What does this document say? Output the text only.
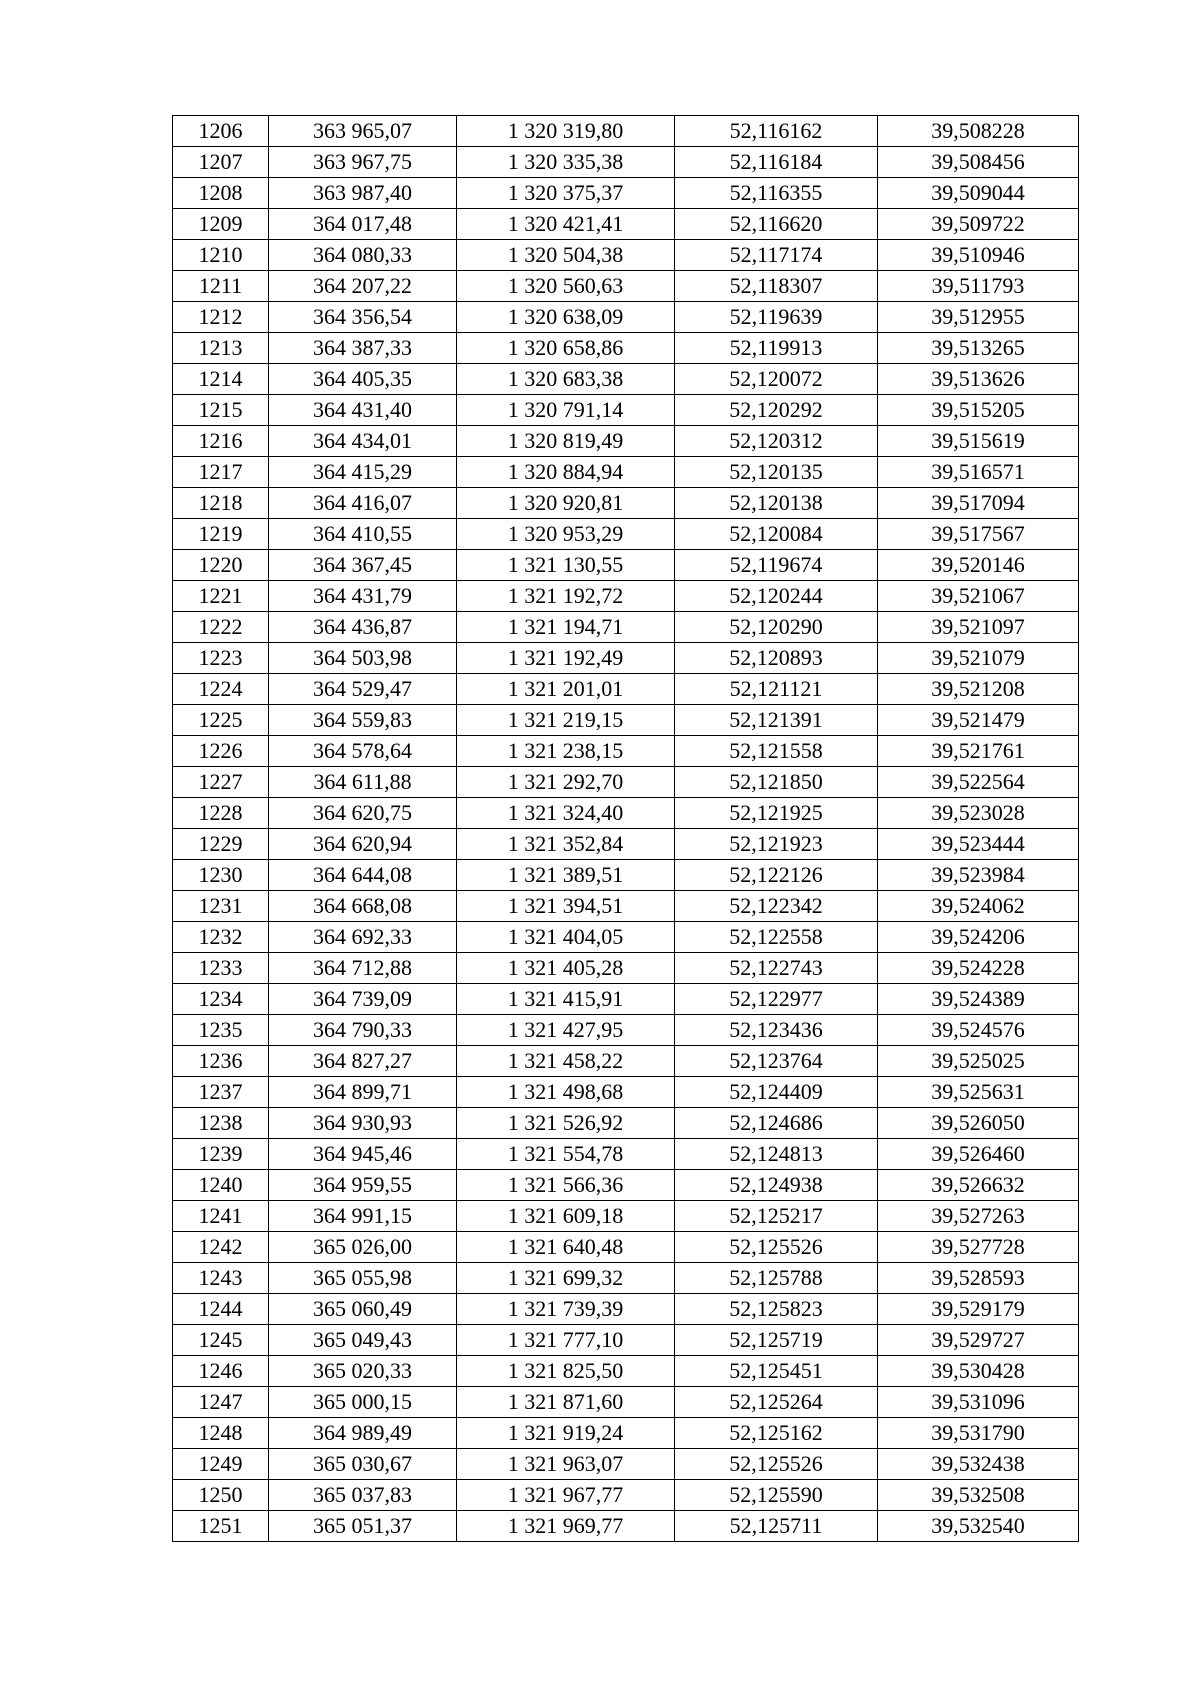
1206	363 965,07	1 320 319,80	52,116162	39,508228
1207	363 967,75	1 320 335,38	52,116184	39,508456
1208	363 987,40	1 320 375,37	52,116355	39,509044
1209	364 017,48	1 320 421,41	52,116620	39,509722
1210	364 080,33	1 320 504,38	52,117174	39,510946
1211	364 207,22	1 320 560,63	52,118307	39,511793
1212	364 356,54	1 320 638,09	52,119639	39,512955
1213	364 387,33	1 320 658,86	52,119913	39,513265
1214	364 405,35	1 320 683,38	52,120072	39,513626
1215	364 431,40	1 320 791,14	52,120292	39,515205
1216	364 434,01	1 320 819,49	52,120312	39,515619
1217	364 415,29	1 320 884,94	52,120135	39,516571
1218	364 416,07	1 320 920,81	52,120138	39,517094
1219	364 410,55	1 320 953,29	52,120084	39,517567
1220	364 367,45	1 321 130,55	52,119674	39,520146
1221	364 431,79	1 321 192,72	52,120244	39,521067
1222	364 436,87	1 321 194,71	52,120290	39,521097
1223	364 503,98	1 321 192,49	52,120893	39,521079
1224	364 529,47	1 321 201,01	52,121121	39,521208
1225	364 559,83	1 321 219,15	52,121391	39,521479
1226	364 578,64	1 321 238,15	52,121558	39,521761
1227	364 611,88	1 321 292,70	52,121850	39,522564
1228	364 620,75	1 321 324,40	52,121925	39,523028
1229	364 620,94	1 321 352,84	52,121923	39,523444
1230	364 644,08	1 321 389,51	52,122126	39,523984
1231	364 668,08	1 321 394,51	52,122342	39,524062
1232	364 692,33	1 321 404,05	52,122558	39,524206
1233	364 712,88	1 321 405,28	52,122743	39,524228
1234	364 739,09	1 321 415,91	52,122977	39,524389
1235	364 790,33	1 321 427,95	52,123436	39,524576
1236	364 827,27	1 321 458,22	52,123764	39,525025
1237	364 899,71	1 321 498,68	52,124409	39,525631
1238	364 930,93	1 321 526,92	52,124686	39,526050
1239	364 945,46	1 321 554,78	52,124813	39,526460
1240	364 959,55	1 321 566,36	52,124938	39,526632
1241	364 991,15	1 321 609,18	52,125217	39,527263
1242	365 026,00	1 321 640,48	52,125526	39,527728
1243	365 055,98	1 321 699,32	52,125788	39,528593
1244	365 060,49	1 321 739,39	52,125823	39,529179
1245	365 049,43	1 321 777,10	52,125719	39,529727
1246	365 020,33	1 321 825,50	52,125451	39,530428
1247	365 000,15	1 321 871,60	52,125264	39,531096
1248	364 989,49	1 321 919,24	52,125162	39,531790
1249	365 030,67	1 321 963,07	52,125526	39,532438
1250	365 037,83	1 321 967,77	52,125590	39,532508
1251	365 051,37	1 321 969,77	52,125711	39,532540
